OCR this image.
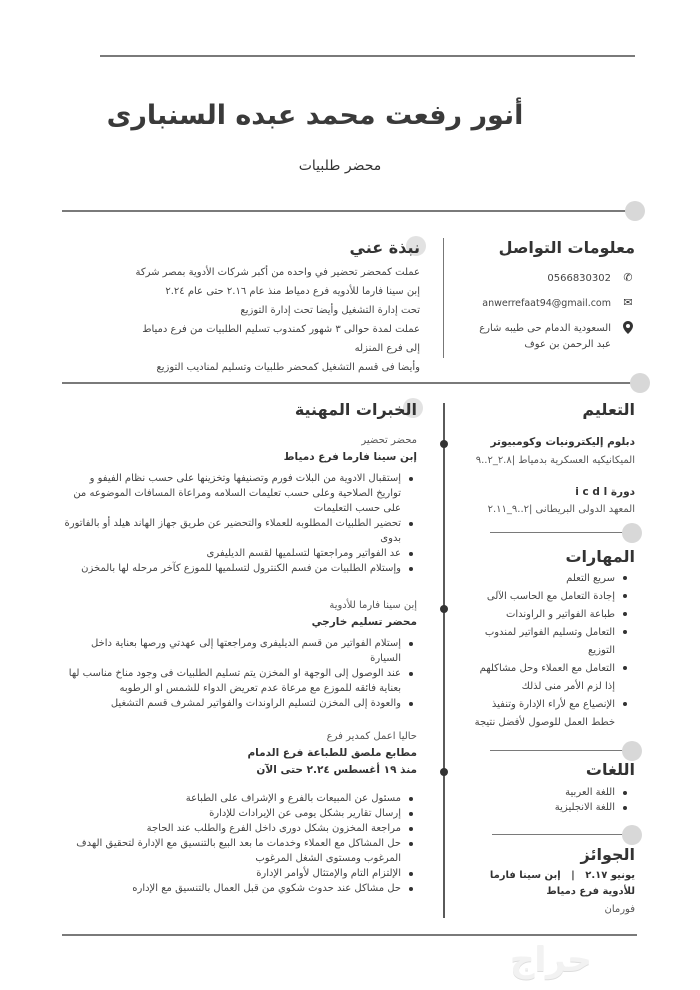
أنور رفعت محمد عبده السنبارى
محضر طلبيات
معلومات التواصل
✆
0566830302
✉
anwerrefaat94@gmail.com
السعودية الدمام حى طيبه شارع عبد الرحمن بن عوف
نبذة عني
عملت كمحضر تحضير في واحده من أكبر شركات الأدوية بمصر شركة إبن سينا فارما للأدويه فرع دمياط منذ عام ٢.١٦ حتى عام ٢.٢٤
تحت إدارة التشغيل وأيضا تحت إدارة التوزيع
عملت لمدة حوالى ٣ شهور كمندوب تسليم الطلبيات من فرع دمياط إلى فرع المنزله
وأيضا فى قسم التشغيل كمحضر طلبيات وتسليم لمناديب التوزيع
التعليم
دبلوم إليكترونيات وكومبيوتر
الميكانيكيه العسكرية بدمياط |٢.٨_٢..٩
دورة i c d l
المعهد الدولى البريطانى |٢..٩_٢.١١
المهارات
سريع التعلم
إجادة التعامل مع الحاسب الآلى
طباعة الفواتير و الراوندات
التعامل وتسليم الفواتير لمندوب التوزيع
التعامل مع العملاء وحل مشاكلهم إذا لزم الأمر منى لذلك
الإنصياع مع لأراء الإدارة وتنفيذ خطط العمل للوصول لأفضل نتيجة
اللغات
اللغة العربية
اللغة الانجليزية
الجوائز
يونيو ٢.١٧   |   إبن سينا فارما للأدوية فرع دمياط
فورمان
الخبرات المهنية
محضر تحضير
إبن سينا فارما فرع دمياط
إستقبال الادوية من البلات فورم وتصنيفها وتخزينها على حسب نظام الفيفو و تواريخ الصلاحية وعلى حسب تعليمات السلامه ومراعاة المسافات الموضوعه من على حسب التعليمات
تحضير الطلبيات المطلوبه للعملاء والتحضير عن طريق جهاز الهاند هيلد أو بالفاتورة بدوى
عد الفواتير ومراجعتها لتسلميها لقسم الديليفرى
وإستلام الطلبيات من فسم الكنترول لتسلميها للموزع كآخر مرحله لها بالمخزن
إبن سينا فارما للأدوية
محضر تسليم خارجي
إستلام الفواتير من قسم الديليفرى ومراجعتها إلى عهدتي ورصها بعناية داخل السيارة
عند الوصول إلى الوجهة او المخزن يتم تسليم الطلبيات فى وجود مناخ مناسب لها بعناية فائقه للموزع مع مرعاة عدم تعريض الدواء للشمس او الرطوبه
والعودة إلى المخزن لتسليم الراوندات والفواتير لمشرف قسم التشغيل
حاليا اعمل كمدير فرع
مطابع ملصق للطباعة فرع الدمام
منذ ١٩ أغسطس ٢.٢٤ حتى الآن
مسئول عن المبيعات بالفرع و الإشراف على الطباعة
إرسال تقارير بشكل يومى عن الإيرادات للإدارة
مراجعة المخزون بشكل دورى داخل الفرع والطلب عند الحاجة
حل المشاكل مع العملاء وخدمات ما بعد البيع بالتنسيق مع الإدارة لتحقيق الهدف المرغوب ومستوى الشغل المرغوب
الإلتزام التام والإمتثال لأوامر الإدارة
حل مشاكل عند حدوث شكوي من قبل العمال بالتنسيق مع الإداره
حراج
